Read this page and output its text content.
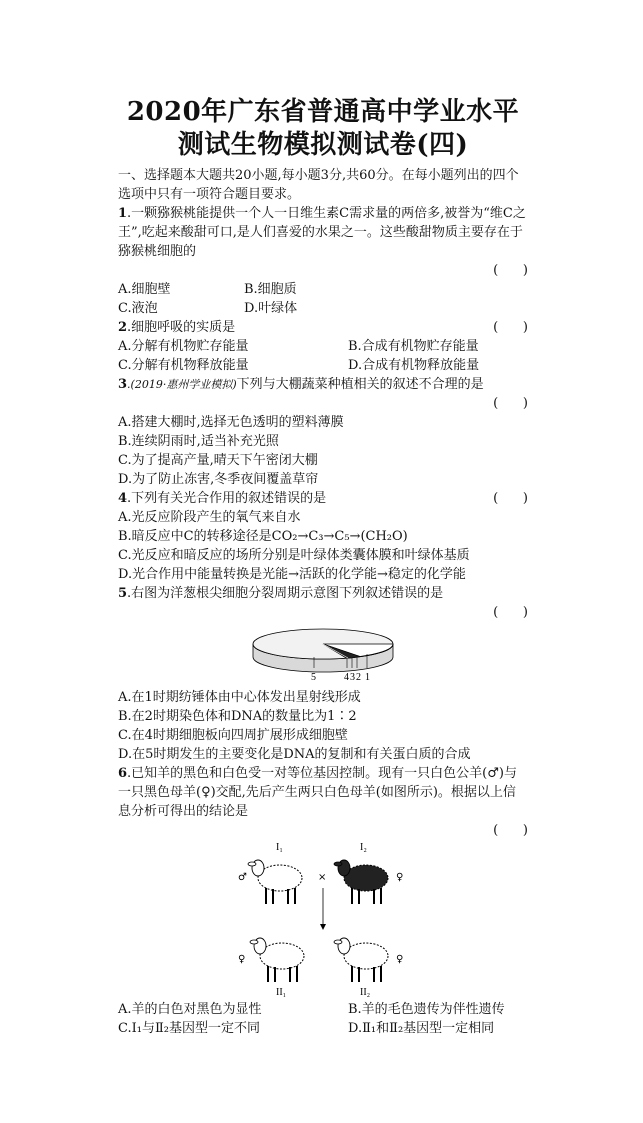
2020年广东省普通高中学业水平
测试生物模拟测试卷(四)

一、选择题本大题共20小题,每小题3分,共60分。在每小题列出的四个选项中只有一项符合题目要求。

1.一颗猕猴桃能提供一个人一日维生素C需求量的两倍多,被誉为“维C之王”,吃起来酸甜可口,是人们喜爱的水果之一。这些酸甜物质主要存在于猕猴桃细胞的

(      )
A.细胞壁	B.细胞质
C.液泡	D.叶绿体
2.细胞呼吸的实质是	(      )
A.分解有机物贮存能量	B.合成有机物贮存能量
C.分解有机物释放能量	D.合成有机物释放能量

3.(2019·惠州学业模拟)下列与大棚蔬菜种植相关的叙述不合理的是

(      )

A.搭建大棚时,选择无色透明的塑料薄膜

B.连续阴雨时,适当补充光照

C.为了提高产量,晴天下午密闭大棚

D.为了防止冻害,冬季夜间覆盖草帘

4.下列有关光合作用的叙述错误的是	(      )

A.光反应阶段产生的氧气来自水

B.暗反应中C的转移途径是CO₂→C₃→C₅→(CH₂O)

C.光反应和暗反应的场所分别是叶绿体类囊体膜和叶绿体基质

D.光合作用中能量转换是光能→活跃的化学能→稳定的化学能

5.右图为洋葱根尖细胞分裂周期示意图下列叙述错误的是

(      )
5	4 3 2 1

A.在1时期纺锤体由中心体发出星射线形成

B.在2时期染色体和DNA的数量比为1∶2

C.在4时期细胞板向四周扩展形成细胞壁

D.在5时期发生的主要变化是DNA的复制和有关蛋白质的合成

6.已知羊的黑色和白色受一对等位基因控制。现有一只白色公羊(♂)与一只黑色母羊(♀)交配,先后产生两只白色母羊(如图所示)。根据以上信息分析可得出的结论是

(      )
I₁	I₂
♂	×	♀
♀	♀
II₁	II₂
A.羊的白色对黑色为显性	B.羊的毛色遗传为伴性遗传
C.Ⅰ₁与Ⅱ₂基因型一定不同	D.Ⅱ₁和Ⅱ₂基因型一定相同
